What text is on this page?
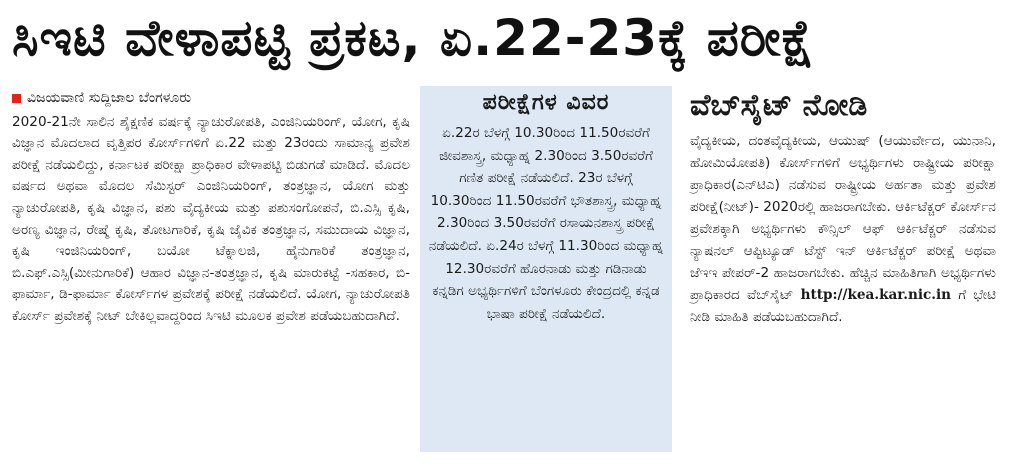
ಸಿಇಟಿ ವೇಳಾಪಟ್ಟಿ ಪ್ರಕಟ, ಏ.22-23ಕ್ಕೆ ಪರೀಕ್ಷೆ
ವಿಜಯವಾಣಿ ಸುದ್ದಿಜಾಲ ಬೆಂಗಳೂರು

2020-21ನೇ ಸಾಲಿನ ಶೈಕ್ಷಣಿಕ ವರ್ಷಕ್ಕೆ ನ್ಯಾಚುರೋಪತಿ, ಎಂಜಿನಿಯರಿಂಗ್, ಯೋಗ, ಕೃಷಿ ವಿಜ್ಞಾನ ಮೊದಲಾದ ವೃತ್ತಿಪರ ಕೋರ್ಸ್‌ಗಳಿಗೆ ಏ.22 ಮತ್ತು 23ರಂದು ಸಾಮಾನ್ಯ ಪ್ರವೇಶ ಪರೀಕ್ಷೆ ನಡೆಯಲಿದ್ದು, ಕರ್ನಾಟಕ ಪರೀಕ್ಷಾ ಪ್ರಾಧಿಕಾರ ವೇಳಾಪಟ್ಟಿ ಬಿಡುಗಡೆ ಮಾಡಿದೆ. ಮೊದಲ ವರ್ಷದ ಅಥವಾ ಮೊದಲ ಸೆಮಿಸ್ಟರ್ ಎಂಜಿನಿಯರಿಂಗ್, ತಂತ್ರಜ್ಞಾನ, ಯೋಗ ಮತ್ತು ನ್ಯಾಚುರೋಪತಿ, ಕೃಷಿ ವಿಜ್ಞಾನ, ಪಶು ವೈದ್ಯಕೀಯ ಮತ್ತು ಪಶುಸಂಗೋಪನೆ, ಬಿ.ಎಸ್ಸಿ ಕೃಷಿ, ಅರಣ್ಯ ವಿಜ್ಞಾನ, ರೇಷ್ಮೆ ಕೃಷಿ, ತೋಟಗಾರಿಕೆ, ಕೃಷಿ ಜೈವಿಕ ತಂತ್ರಜ್ಞಾನ, ಸಮುದಾಯ ವಿಜ್ಞಾನ, ಕೃಷಿ ಇಂಜಿನಿಯರಿಂಗ್, ಬಯೋ ಟೆಕ್ನಾಲಜಿ, ಹೈನುಗಾರಿಕೆ ತಂತ್ರಜ್ಞಾನ, ಬಿ.ಎಫ್.ಎಸ್ಸಿ(ಮೀನುಗಾರಿಕೆ) ಆಹಾರ ವಿಜ್ಞಾನ-ತಂತ್ರಜ್ಞಾನ, ಕೃಷಿ ಮಾರುಕಟ್ಟೆ -ಸಹಕಾರ, ಬಿ-ಫಾರ್ಮಾ, ಡಿ-ಫಾರ್ಮಾ ಕೋರ್ಸ್‌ಗಳ ಪ್ರವೇಶಕ್ಕೆ ಪರೀಕ್ಷೆ ನಡೆಯಲಿದೆ. ಯೋಗ, ನ್ಯಾಚುರೋಪತಿ ಕೋರ್ಸ್ ಪ್ರವೇಶಕ್ಕೆ ನೀಟ್ ಬೇಕಿಲ್ಲವಾದ್ದರಿಂದ ಸಿಇಟಿ ಮೂಲಕ ಪ್ರವೇಶ ಪಡೆಯಬಹುದಾಗಿದೆ.

ಪರೀಕ್ಷೆಗಳ ವಿವರ

ಏ.22ರ ಬೆಳಗ್ಗೆ 10.30ರಿಂದ 11.50ರವರೆಗೆ ಜೀವಶಾಸ್ತ್ರ, ಮಧ್ಯಾಹ್ನ 2.30ರಿಂದ 3.50ರವರೆಗೆ ಗಣಿತ ಪರೀಕ್ಷೆ ನಡೆಯಲಿದೆ. 23ರ ಬೆಳಗ್ಗೆ 10.30ರಿಂದ 11.50ರವರೆಗೆ ಭೌತಶಾಸ್ತ್ರ, ಮಧ್ಯಾಹ್ನ 2.30ರಿಂದ 3.50ರವರೆಗೆ ರಸಾಯನಶಾಸ್ತ್ರ ಪರೀಕ್ಷೆ ನಡೆಯಲಿದೆ. ಏ.24ರ ಬೆಳಗ್ಗೆ 11.30ರಿಂದ ಮಧ್ಯಾಹ್ನ 12.30ರವರೆಗೆ ಹೊರನಾಡು ಮತ್ತು ಗಡಿನಾಡು ಕನ್ನಡಿಗ ಅಭ್ಯರ್ಥಿಗಳಿಗೆ ಬೆಂಗಳೂರು ಕೇಂದ್ರದಲ್ಲಿ ಕನ್ನಡ ಭಾಷಾ ಪರೀಕ್ಷೆ ನಡೆಯಲಿದೆ.

ವೆಬ್‌ಸೈಟ್ ನೋಡಿ

ವೈದ್ಯಕೀಯ, ದಂತವೈದ್ಯಕೀಯ, ಆಯುಷ್ (ಆಯುರ್ವೇದ, ಯುನಾನಿ, ಹೋಮಿಯೋಪತಿ) ಕೋರ್ಸ್‌ಗಳಿಗೆ ಅಭ್ಯರ್ಥಿಗಳು ರಾಷ್ಟ್ರೀಯ ಪರೀಕ್ಷಾ ಪ್ರಾಧಿಕಾರ(ಎನ್‌ಟಿಎ) ನಡೆಸುವ ರಾಷ್ಟ್ರೀಯ ಅರ್ಹತಾ ಮತ್ತು ಪ್ರವೇಶ ಪರೀಕ್ಷೆ(ನೀಟ್)- 2020ರಲ್ಲಿ ಹಾಜರಾಗಬೇಕು. ಆರ್ಕಿಟೆಕ್ಚರ್ ಕೋರ್ಸ್‌ನ ಪ್ರವೇಶಕ್ಕಾಗಿ ಅಭ್ಯರ್ಥಿಗಳು ಕೌನ್ಸಿಲ್ ಆಫ್ ಆರ್ಕಿಟೆಕ್ಚರ್ ನಡೆಸುವ ನ್ಯಾಷನಲ್ ಆಪ್ಟಿಟ್ಯೂಡ್ ಟೆಸ್ಟ್ ಇನ್ ಆರ್ಕಿಟೆಕ್ಚರ್ ಪರೀಕ್ಷೆ ಅಥವಾ ಜೆಇಇ ಪೇಪರ್-2 ಹಾಜರಾಗಬೇಕು. ಹೆಚ್ಚಿನ ಮಾಹಿತಿಗಾಗಿ ಅಭ್ಯರ್ಥಿಗಳು ಪ್ರಾಧಿಕಾರದ ವೆಬ್‌ಸೈಟ್ http://kea.kar.nic.in ಗೆ ಭೇಟಿ ನೀಡಿ ಮಾಹಿತಿ ಪಡೆಯಬಹುದಾಗಿದೆ.
